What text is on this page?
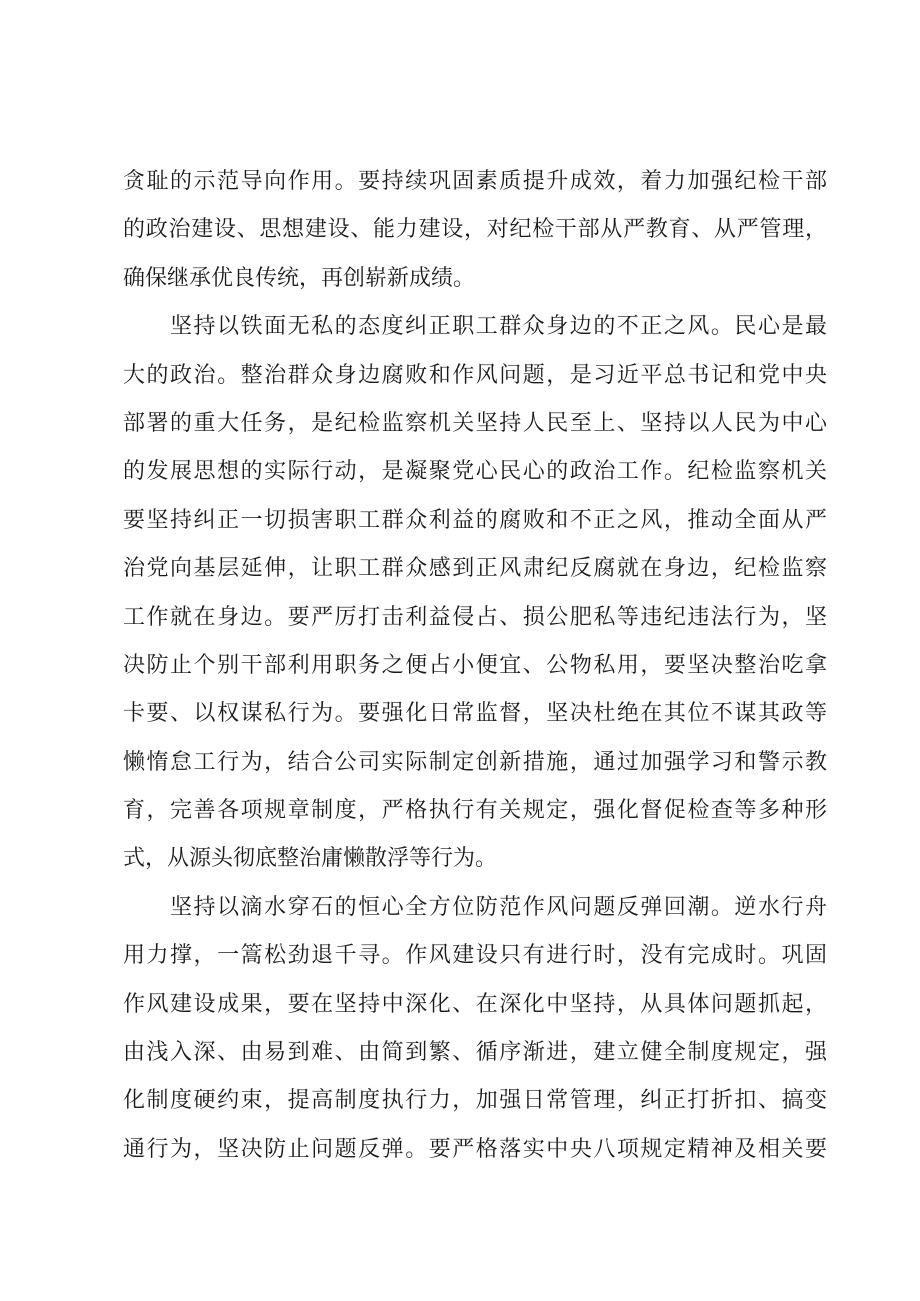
贪耻的示范导向作用。要持续巩固素质提升成效，着力加强纪检干部
的政治建设、思想建设、能力建设，对纪检干部从严教育、从严管理，
确保继承优良传统，再创崭新成绩。
坚持以铁面无私的态度纠正职工群众身边的不正之风。民心是最
大的政治。整治群众身边腐败和作风问题，是习近平总书记和党中央
部署的重大任务，是纪检监察机关坚持人民至上、坚持以人民为中心
的发展思想的实际行动，是凝聚党心民心的政治工作。纪检监察机关
要坚持纠正一切损害职工群众利益的腐败和不正之风，推动全面从严
治党向基层延伸，让职工群众感到正风肃纪反腐就在身边，纪检监察
工作就在身边。要严厉打击利益侵占、损公肥私等违纪违法行为，坚
决防止个别干部利用职务之便占小便宜、公物私用，要坚决整治吃拿
卡要、以权谋私行为。要强化日常监督，坚决杜绝在其位不谋其政等
懒惰怠工行为，结合公司实际制定创新措施，通过加强学习和警示教
育，完善各项规章制度，严格执行有关规定，强化督促检查等多种形
式，从源头彻底整治庸懒散浮等行为。
坚持以滴水穿石的恒心全方位防范作风问题反弹回潮。逆水行舟
用力撑，一篙松劲退千寻。作风建设只有进行时，没有完成时。巩固
作风建设成果，要在坚持中深化、在深化中坚持，从具体问题抓起，
由浅入深、由易到难、由简到繁、循序渐进，建立健全制度规定，强
化制度硬约束，提高制度执行力，加强日常管理，纠正打折扣、搞变
通行为，坚决防止问题反弹。要严格落实中央八项规定精神及相关要
